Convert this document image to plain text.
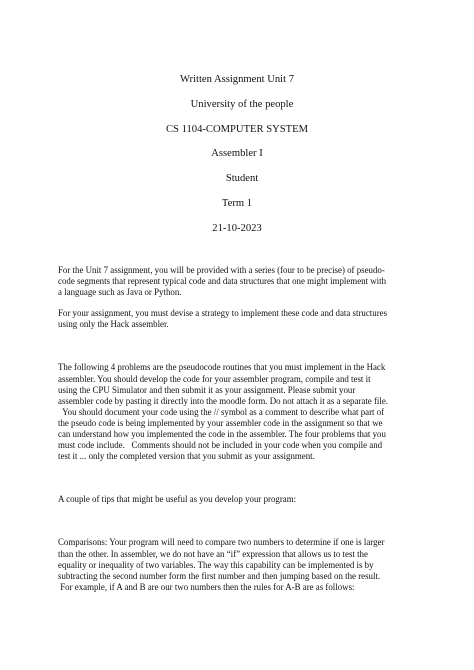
Written Assignment Unit 7
University of the people
CS 1104-COMPUTER SYSTEM
Assembler I
Student
Term 1
21-10-2023

For the Unit 7 assignment, you will be provided with a series (four to be precise) of pseudo-
code segments that represent typical code and data structures that one might implement with
a language such as Java or Python.

For your assignment, you must devise a strategy to implement these code and data structures
using only the Hack assembler.

The following 4 problems are the pseudocode routines that you must implement in the Hack
assembler. You should develop the code for your assembler program, compile and test it
using the CPU Simulator and then submit it as your assignment. Please submit your
assembler code by pasting it directly into the moodle form. Do not attach it as a separate file.
You should document your code using the // symbol as a comment to describe what part of
the pseudo code is being implemented by your assembler code in the assignment so that we
can understand how you implemented the code in the assembler. The four problems that you
must code include.   Comments should not be included in your code when you compile and
test it ... only the completed version that you submit as your assignment.

A couple of tips that might be useful as you develop your program:

Comparisons: Your program will need to compare two numbers to determine if one is larger
than the other. In assembler, we do not have an “if” expression that allows us to test the
equality or inequality of two variables. The way this capability can be implemented is by
subtracting the second number form the first number and then jumping based on the result.
For example, if A and B are our two numbers then the rules for A-B are as follows:
